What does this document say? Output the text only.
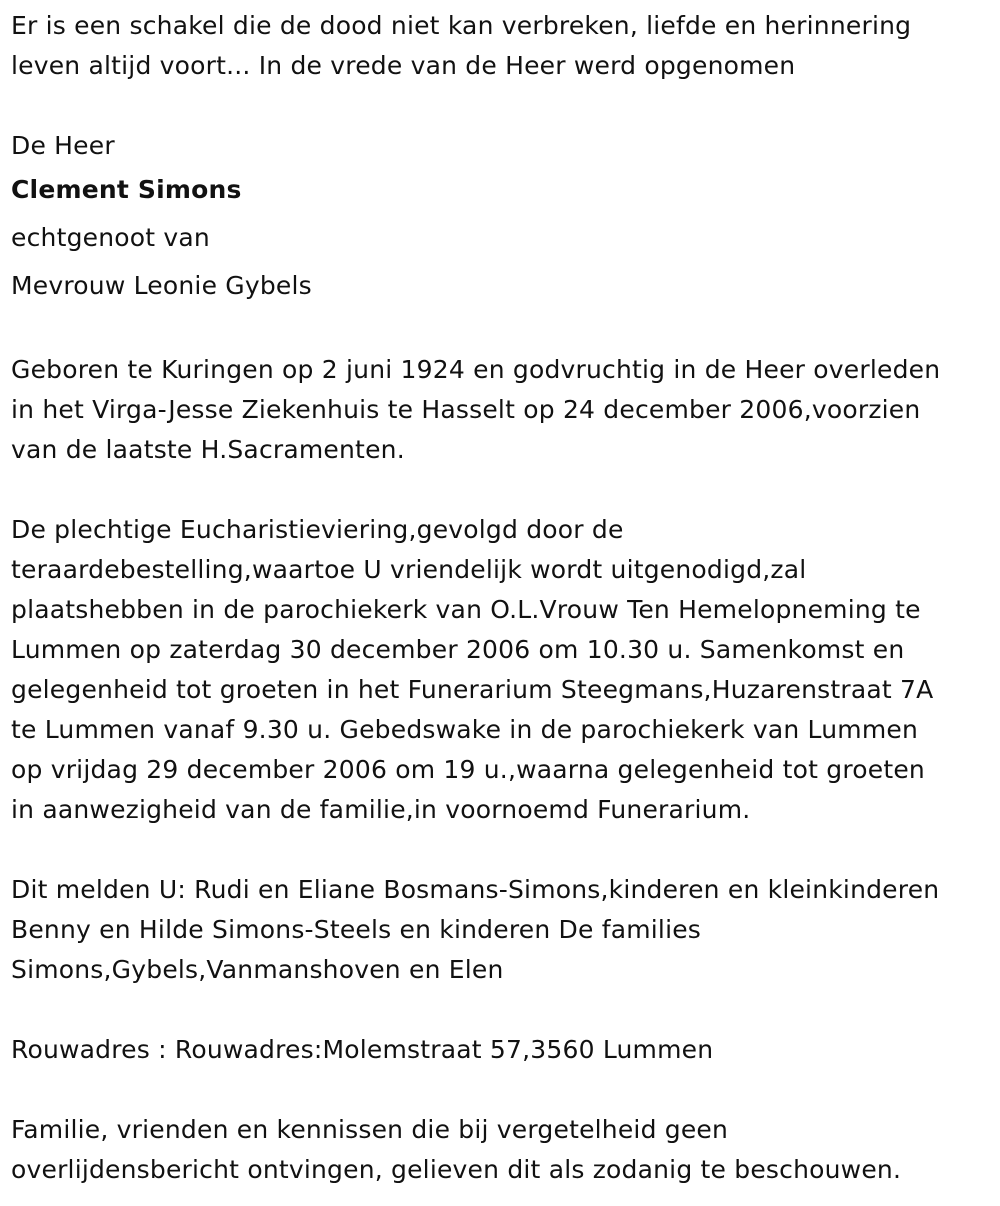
Er is een schakel die de dood niet kan verbreken, liefde en herinnering
leven altijd voort... In de vrede van de Heer werd opgenomen

De Heer

Clement Simons

echtgenoot van

Mevrouw Leonie Gybels

Geboren te Kuringen op 2 juni 1924 en godvruchtig in de Heer overleden
in het Virga-Jesse Ziekenhuis te Hasselt op 24 december 2006,voorzien
van de laatste H.Sacramenten.

De plechtige Eucharistieviering,gevolgd door de
teraardebestelling,waartoe U vriendelijk wordt uitgenodigd,zal
plaatshebben in de parochiekerk van O.L.Vrouw Ten Hemelopneming te
Lummen op zaterdag 30 december 2006 om 10.30 u. Samenkomst en
gelegenheid tot groeten in het Funerarium Steegmans,Huzarenstraat 7A
te Lummen vanaf 9.30 u. Gebedswake in de parochiekerk van Lummen
op vrijdag 29 december 2006 om 19 u.,waarna gelegenheid tot groeten
in aanwezigheid van de familie,in voornoemd Funerarium.

Dit melden U: Rudi en Eliane Bosmans-Simons,kinderen en kleinkinderen
Benny en Hilde Simons-Steels en kinderen De families
Simons,Gybels,Vanmanshoven en Elen

Rouwadres : Rouwadres:Molemstraat 57,3560 Lummen

Familie, vrienden en kennissen die bij vergetelheid geen
overlijdensbericht ontvingen, gelieven dit als zodanig te beschouwen.
